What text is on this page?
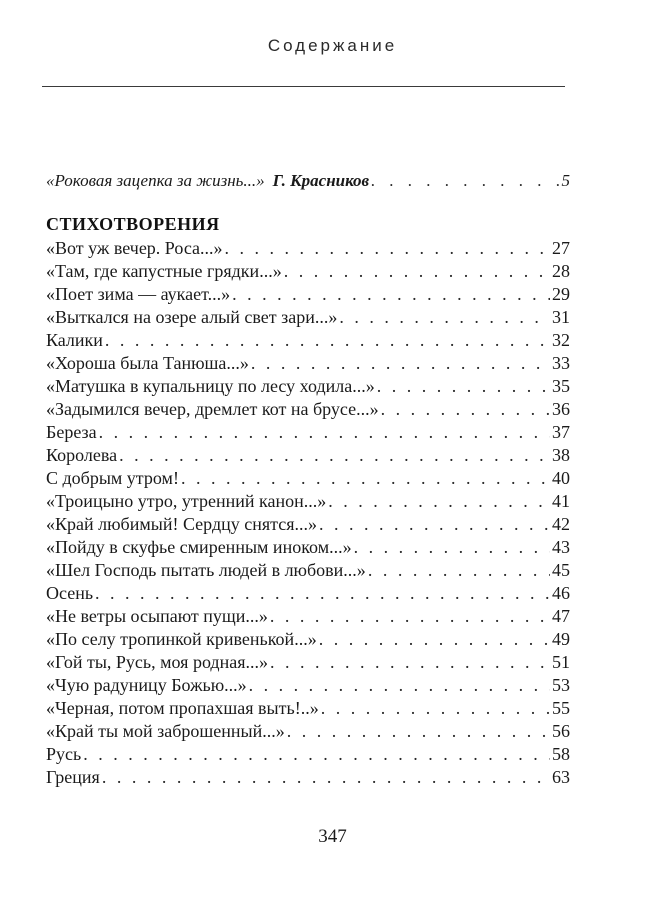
Содержание
«Роковая зацепка за жизнь...» Г. Красников . . .	5
СТИХОТВОРЕНИЯ
«Вот уж вечер. Роса...» . . .	27
«Там, где капустные грядки...» . . .	28
«Поет зима — аукает...» . . .	29
«Выткался на озере алый свет зари...» . . .	31
Калики . . .	32
«Хороша была Танюша...» . . .	33
«Матушка в купальницу по лесу ходила...» . . .	35
«Задымился вечер, дремлет кот на брусе...» . . .	36
Береза . . .	37
Королева . . .	38
С добрым утром! . . .	40
«Троицыно утро, утренний канон...» . . .	41
«Край любимый! Сердцу снятся...» . . .	42
«Пойду в скуфье смиренным иноком...» . . .	43
«Шел Господь пытать людей в любови...» . . .	45
Осень . . .	46
«Не ветры осыпают пущи...» . . .	47
«По селу тропинкой кривенькой...» . . .	49
«Гой ты, Русь, моя родная...» . . .	51
«Чую радуницу Божью...» . . .	53
«Черная, потом пропахшая выть!..» . . .	55
«Край ты мой заброшенный...» . . .	56
Русь . . .	58
Греция . . .	63
347
